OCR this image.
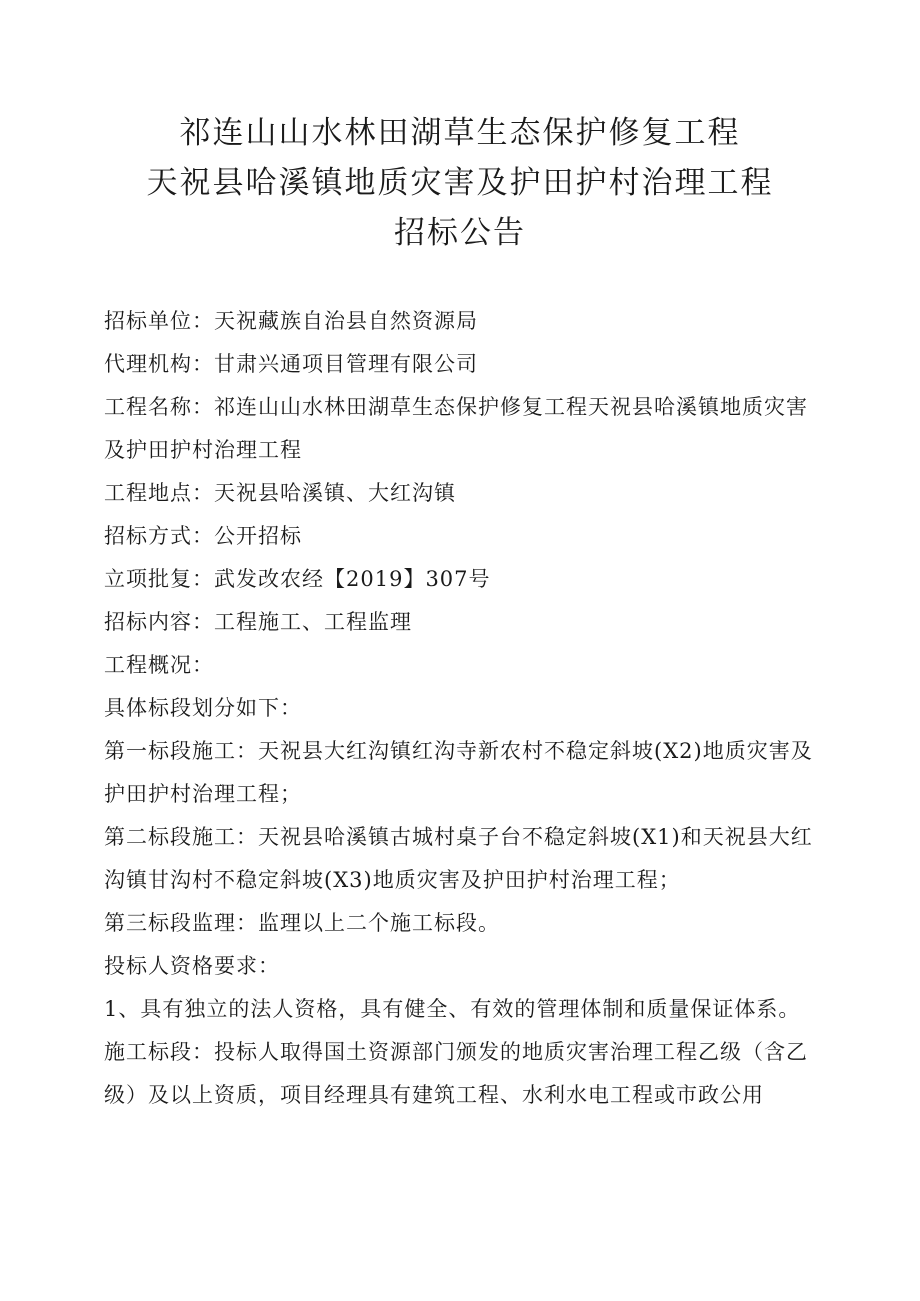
祁连山山水林田湖草生态保护修复工程
天祝县哈溪镇地质灾害及护田护村治理工程
招标公告

招标单位：天祝藏族自治县自然资源局

代理机构：甘肃兴通项目管理有限公司

工程名称：祁连山山水林田湖草生态保护修复工程天祝县哈溪镇地质灾害及护田护村治理工程

工程地点：天祝县哈溪镇、大红沟镇

招标方式：公开招标

立项批复：武发改农经【2019】307号

招标内容：工程施工、工程监理

工程概况：

具体标段划分如下：

第一标段施工：天祝县大红沟镇红沟寺新农村不稳定斜坡(X2)地质灾害及护田护村治理工程；

第二标段施工：天祝县哈溪镇古城村桌子台不稳定斜坡(X1)和天祝县大红沟镇甘沟村不稳定斜坡(X3)地质灾害及护田护村治理工程；

第三标段监理：监理以上二个施工标段。

投标人资格要求：

1、具有独立的法人资格，具有健全、有效的管理体制和质量保证体系。

施工标段：投标人取得国土资源部门颁发的地质灾害治理工程乙级（含乙级）及以上资质，项目经理具有建筑工程、水利水电工程或市政公用
